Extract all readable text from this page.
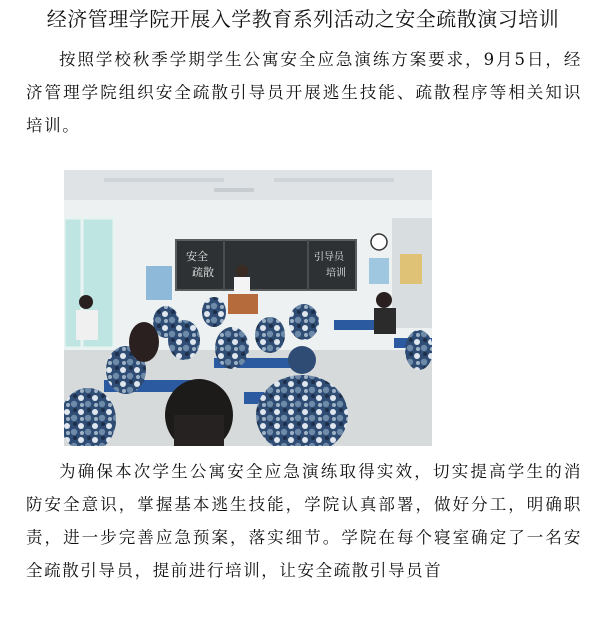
经济管理学院开展入学教育系列活动之安全疏散演习培训

按照学校秋季学期学生公寓安全应急演练方案要求，9月5日，经济管理学院组织安全疏散引导员开展逃生技能、疏散程序等相关知识培训。

安全
疏散
引导员
培训

为确保本次学生公寓安全应急演练取得实效，切实提高学生的消防安全意识，掌握基本逃生技能，学院认真部署，做好分工，明确职责，进一步完善应急预案，落实细节。学院在每个寝室确定了一名安全疏散引导员，提前进行培训，让安全疏散引导员首
